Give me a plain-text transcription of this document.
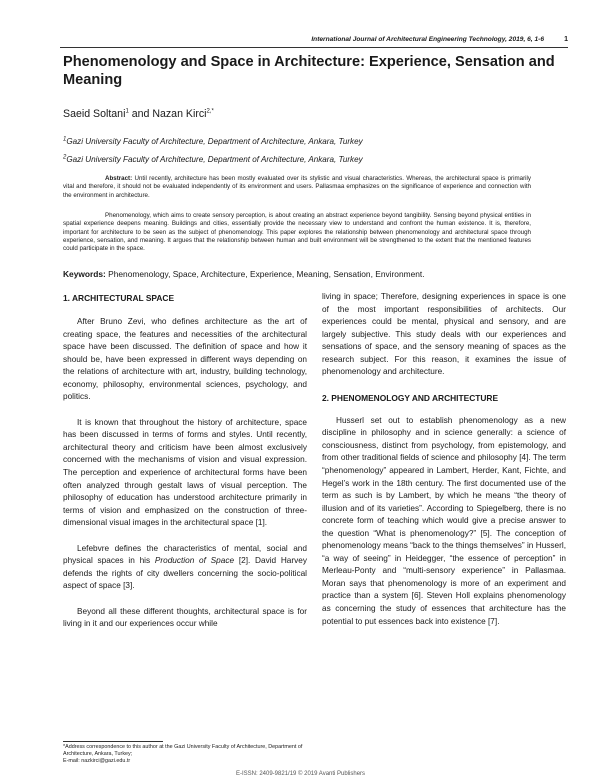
International Journal of Architectural Engineering Technology, 2019, 6, 1-6	1
Phenomenology and Space in Architecture: Experience, Sensation and Meaning
Saeid Soltani$^1$ and Nazan Kirci$^{2,*}$
$^1$Gazi University Faculty of Architecture, Department of Architecture, Ankara, Turkey
$^2$Gazi University Faculty of Architecture, Department of Architecture, Ankara, Turkey
Abstract: Until recently, architecture has been mostly evaluated over its stylistic and visual characteristics. Whereas, the architectural space is primarily vital and therefore, it should not be evaluated independently of its environment and users. Pallasmaa emphasizes on the significance of experience and connection with the environment in architecture.
Phenomenology, which aims to create sensory perception, is about creating an abstract experience beyond tangibility. Sensing beyond physical entities in spatial experience deepens meaning. Buildings and cities, essentially provide the necessary view to understand and confront the human existence. It is, therefore, important for architecture to be seen as the subject of phenomenology. This paper explores the relationship between phenomenology and architectural space through experience, sensation, and meaning. It argues that the relationship between human and built environment will be strengthened to the extent that the mentioned features could participate in the space.
Keywords: Phenomenology, Space, Architecture, Experience, Meaning, Sensation, Environment.
1. ARCHITECTURAL SPACE

After Bruno Zevi, who defines architecture as the art of creating space, the features and necessities of the architectural space have been discussed. The definition of space and how it should be, have been expressed in different ways depending on the relations of architecture with art, industry, building technology, economy, philosophy, environmental sciences, psychology, and politics.

It is known that throughout the history of architecture, space has been discussed in terms of forms and styles. Until recently, architectural theory and criticism have been almost exclusively concerned with the mechanisms of vision and visual expression. The perception and experience of architectural forms have been often analyzed through gestalt laws of visual perception. The philosophy of education has understood architecture primarily in terms of vision and emphasized on the construction of three-dimensional visual images in the architectural space [1].

Lefebvre defines the characteristics of mental, social and physical spaces in his Production of Space [2]. David Harvey defends the rights of city dwellers concerning the socio-political aspect of space [3].

Beyond all these different thoughts, architectural space is for living in it and our experiences occur while

living in space; Therefore, designing experiences in space is one of the most important responsibilities of architects. Our experiences could be mental, physical and sensory, and are largely subjective. This study deals with our experiences and sensations of space, and the sensory meaning of spaces as the research subject. For this reason, it examines the issue of phenomenology and architecture.

2. PHENOMENOLOGY AND ARCHITECTURE

Husserl set out to establish phenomenology as a new discipline in philosophy and in science generally: a science of consciousness, distinct from psychology, from epistemology, and from other traditional fields of science and philosophy [4]. The term “phenomenology” appeared in Lambert, Herder, Kant, Fichte, and Hegel’s work in the 18th century. The first documented use of the term as such is by Lambert, by which he means “the theory of illusion and of its varieties”. According to Spiegelberg, there is no concrete form of teaching which would give a precise answer to the question “What is phenomenology?” [5]. The conception of phenomenology means “back to the things themselves” in Husserl, “a way of seeing” in Heidegger, “the essence of perception” in Merleau-Ponty and “multi-sensory experience” in Pallasmaa. Moran says that phenomenology is more of an experiment and practice than a system [6]. Steven Holl explains phenomenology as concerning the study of essences that architecture has the potential to put essences back into existence [7].

*Address correspondence to this author at the Gazi University Faculty of Architecture, Department of Architecture, Ankara, Turkey;
E-mail: nazkirci@gazi.edu.tr
E-ISSN: 2409-9821/19 © 2019 Avanti Publishers
